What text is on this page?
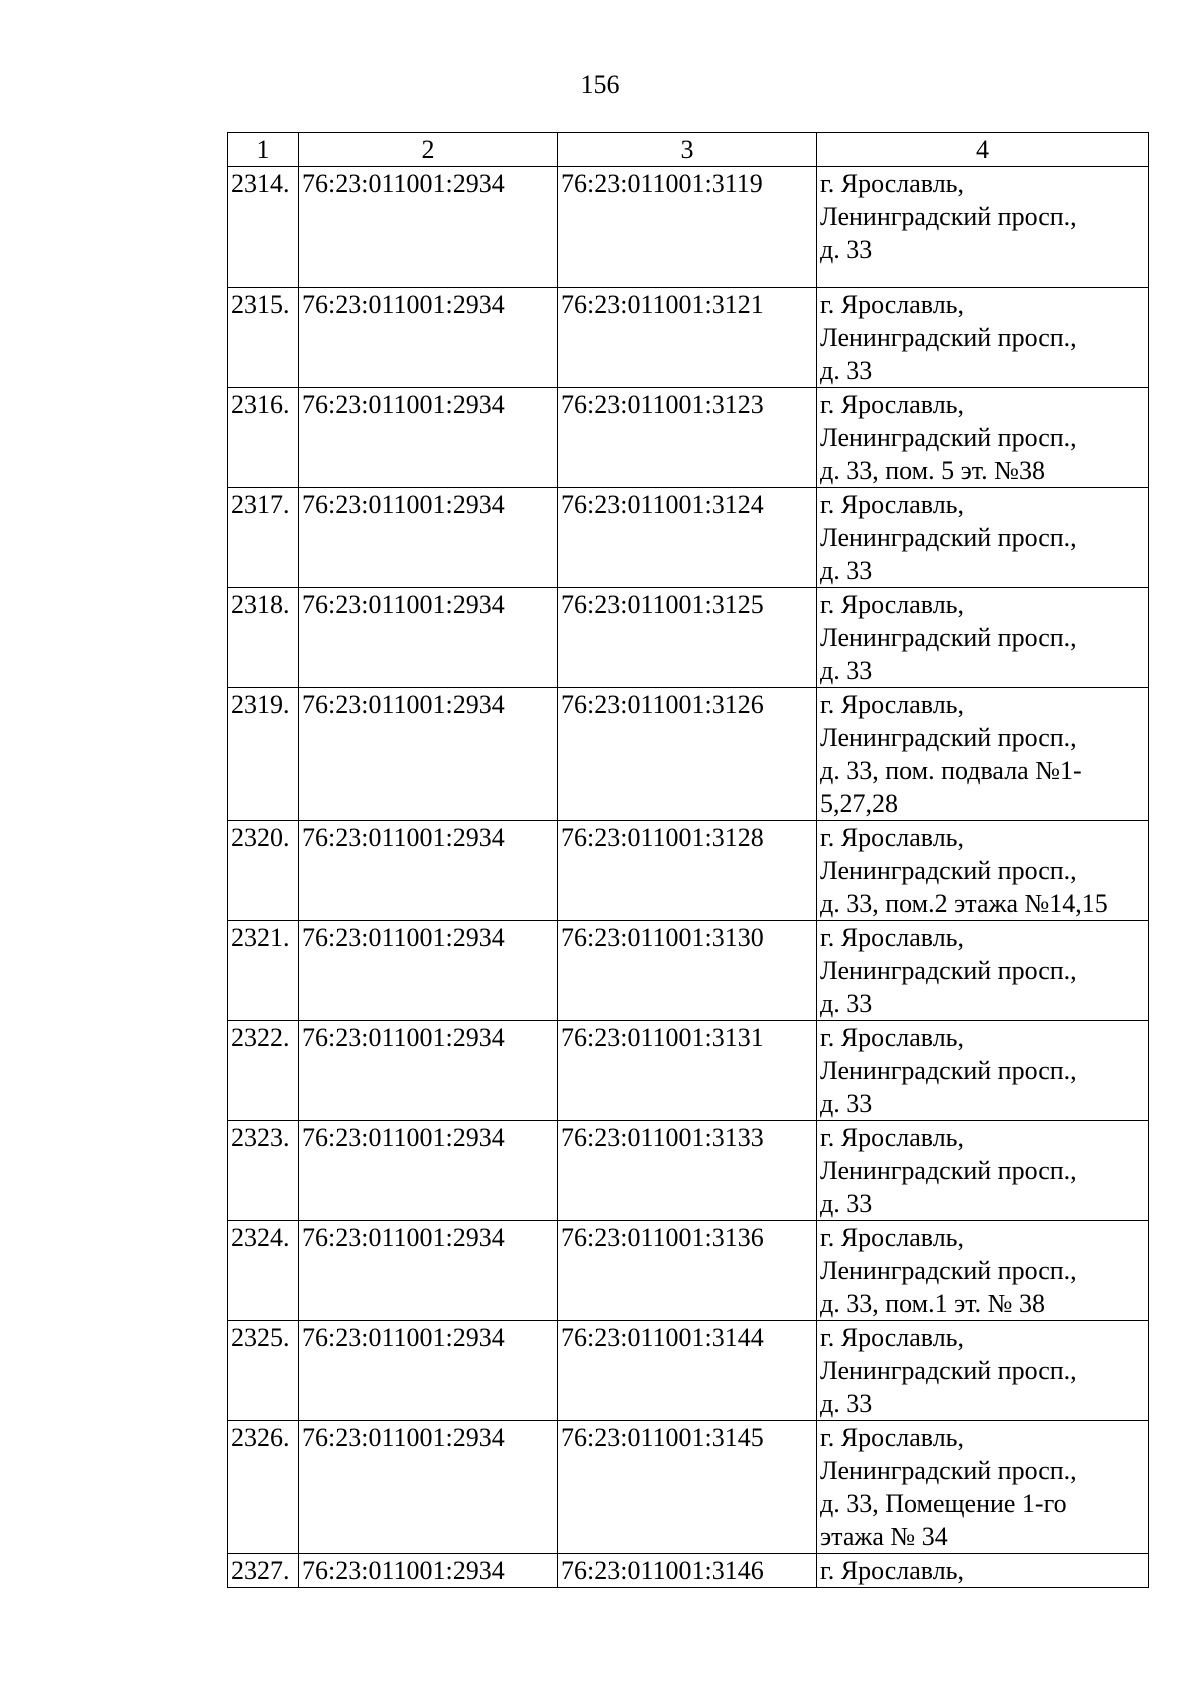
156
1	2	3	4
2314.	76:23:011001:2934	76:23:011001:3119	г. Ярославль,
Ленинградский просп.,
д. 33
2315.	76:23:011001:2934	76:23:011001:3121	г. Ярославль,
Ленинградский просп.,
д. 33
2316.	76:23:011001:2934	76:23:011001:3123	г. Ярославль,
Ленинградский просп.,
д. 33, пом. 5 эт. №38
2317.	76:23:011001:2934	76:23:011001:3124	г. Ярославль,
Ленинградский просп.,
д. 33
2318.	76:23:011001:2934	76:23:011001:3125	г. Ярославль,
Ленинградский просп.,
д. 33
2319.	76:23:011001:2934	76:23:011001:3126	г. Ярославль,
Ленинградский просп.,
д. 33, пом. подвала №1-
5,27,28
2320.	76:23:011001:2934	76:23:011001:3128	г. Ярославль,
Ленинградский просп.,
д. 33, пом.2 этажа №14,15
2321.	76:23:011001:2934	76:23:011001:3130	г. Ярославль,
Ленинградский просп.,
д. 33
2322.	76:23:011001:2934	76:23:011001:3131	г. Ярославль,
Ленинградский просп.,
д. 33
2323.	76:23:011001:2934	76:23:011001:3133	г. Ярославль,
Ленинградский просп.,
д. 33
2324.	76:23:011001:2934	76:23:011001:3136	г. Ярославль,
Ленинградский просп.,
д. 33, пом.1 эт. № 38
2325.	76:23:011001:2934	76:23:011001:3144	г. Ярославль,
Ленинградский просп.,
д. 33
2326.	76:23:011001:2934	76:23:011001:3145	г. Ярославль,
Ленинградский просп.,
д. 33, Помещение 1-го
этажа № 34
2327.	76:23:011001:2934	76:23:011001:3146	г. Ярославль,
